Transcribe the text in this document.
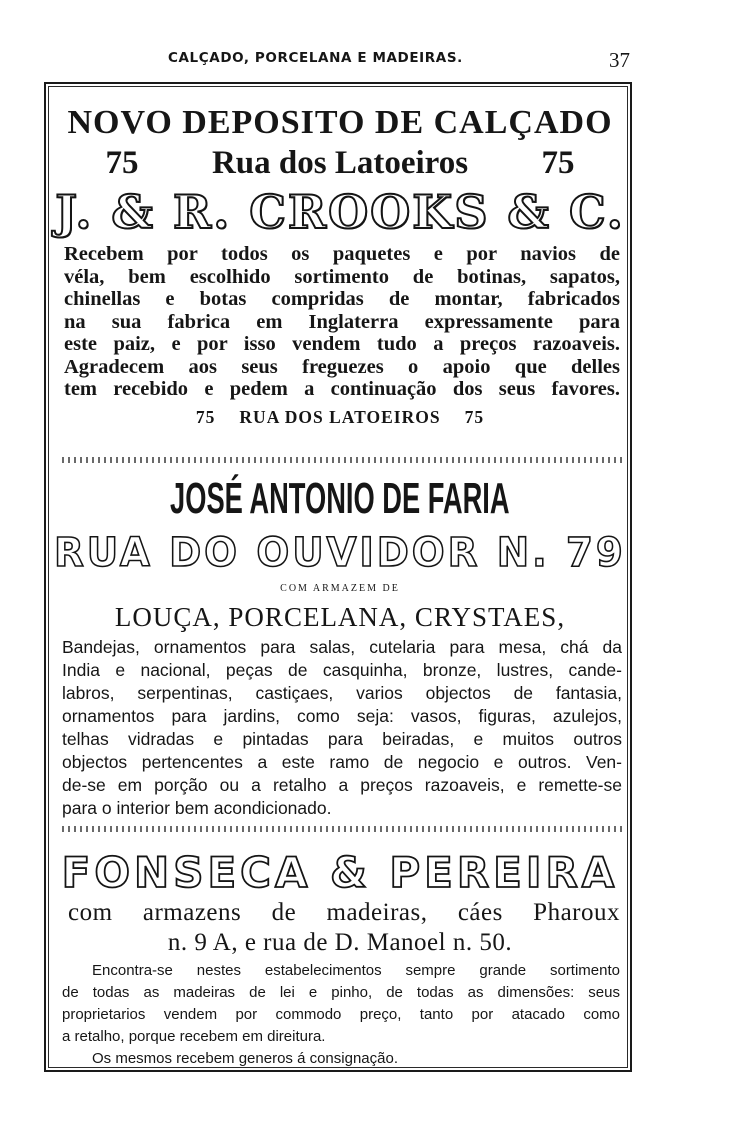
CALÇADO, PORCELANA E MADEIRAS.	37
NOVO DEPOSITO DE CALÇADO
75 Rua dos Latoeiros 75
J. & R. CROOKS & C.
Recebem por todos os paquetes e por navios de
véla, bem escolhido sortimento de botinas, sapatos,
chinellas e botas compridas de montar, fabricados
na sua fabrica em Inglaterra expressamente para
este paiz, e por isso vendem tudo a preços razoaveis.
Agradecem aos seus freguezes o apoio que delles
tem recebido e pedem a continuação dos seus favores.
75 RUA DOS LATOEIROS 75
JOSÉ ANTONIO DE FARIA
RUA DO OUVIDOR N. 79
COM ARMAZEM DE
LOUÇA, PORCELANA, CRYSTAES,
Bandejas, ornamentos para salas, cutelaria para mesa, chá da
India e nacional, peças de casquinha, bronze, lustres, cande-
labros, serpentinas, castiçaes, varios objectos de fantasia,
ornamentos para jardins, como seja: vasos, figuras, azulejos,
telhas vidradas e pintadas para beiradas, e muitos outros
objectos pertencentes a este ramo de negocio e outros. Ven-
de-se em porção ou a retalho a preços razoaveis, e remette-se
para o interior bem acondicionado.
FONSECA & PEREIRA
com armazens de madeiras, cáes Pharoux
n. 9 A, e rua de D. Manoel n. 50.
Encontra-se nestes estabelecimentos sempre grande sortimento
de todas as madeiras de lei e pinho, de todas as dimensões: seus
proprietarios vendem por commodo preço, tanto por atacado como
a retalho, porque recebem em direitura.
Os mesmos recebem generos á consignação.
